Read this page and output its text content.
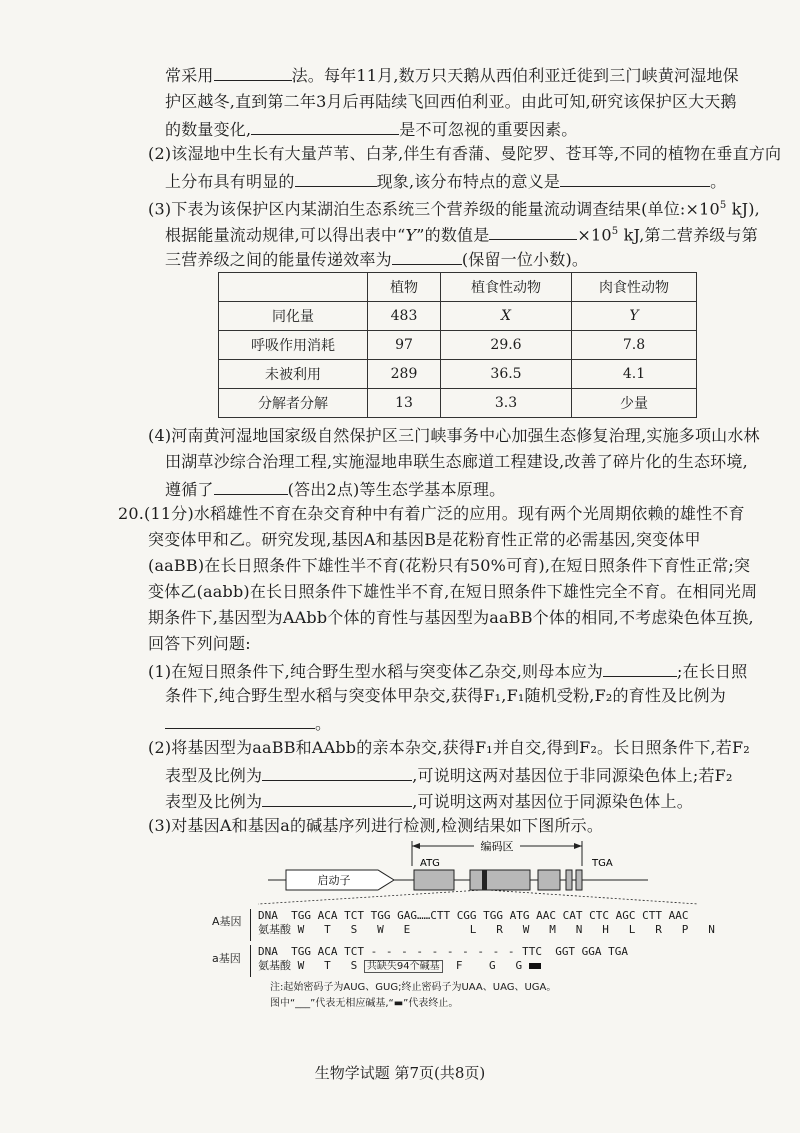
常采用	法。每年11月,数万只天鹅从西伯利亚迁徙到三门峡黄河湿地保
护区越冬,直到第二年3月后再陆续飞回西伯利亚。由此可知,研究该保护区大天鹅
的数量变化,	是不可忽视的重要因素。
(2)该湿地中生长有大量芦苇、白茅,伴生有香蒲、曼陀罗、苍耳等,不同的植物在垂直方向
上分布具有明显的	现象,该分布特点的意义是	。
(3)下表为该保护区内某湖泊生态系统三个营养级的能量流动调查结果(单位$:\times 10^5$ kJ),
根据能量流动规律,可以得出表中“Y”的数值是	$\times 10^5$ kJ,第二营养级与第
三营养级之间的能量传递效率为	(保留一位小数)。
	植物	植食性动物	肉食性动物
同化量	483	X	Y
呼吸作用消耗	97	29.6	7.8
未被利用	289	36.5	4.1
分解者分解	13	3.3	少量
(4)河南黄河湿地国家级自然保护区三门峡事务中心加强生态修复治理,实施多项山水林
田湖草沙综合治理工程,实施湿地串联生态廊道工程建设,改善了碎片化的生态环境,
遵循了	(答出2点)等生态学基本原理。
20.(11分)水稻雄性不育在杂交育种中有着广泛的应用。现有两个光周期依赖的雄性不育
突变体甲和乙。研究发现,基因A和基因B是花粉育性正常的必需基因,突变体甲
(aaBB)在长日照条件下雄性半不育(花粉只有50%可育),在短日照条件下育性正常;突
变体乙(aabb)在长日照条件下雄性半不育,在短日照条件下雄性完全不育。在相同光周
期条件下,基因型为AAbb个体的育性与基因型为aaBB个体的相同,不考虑染色体互换,
回答下列问题:
(1)在短日照条件下,纯合野生型水稻与突变体乙杂交,则母本应为	;在长日照
条件下,纯合野生型水稻与突变体甲杂交,获得F₁,F₁随机受粉,F₂的育性及比例为
。
(2)将基因型为aaBB和AAbb的亲本杂交,获得F₁并自交,得到F₂。长日照条件下,若F₂
表型及比例为	,可说明这两对基因位于非同源染色体上;若F₂
表型及比例为	,可说明这两对基因位于同源染色体上。
(3)对基因A和基因a的碱基序列进行检测,检测结果如下图所示。
编码区
ATG	TGA
启动子
A基因 DNA TGG ACA TCT TGG GAG……CTT CGG TGG ATG AAC CAT CTC AGC CTT AAC
氨基酸 W   T   S   W   E         L   R   W   M   N   H   L   R   P   N
a基因
DNA TGG ACA TCT - - - - - - - - - - TTC  GGT GGA TGA
氨基酸 W   T   S 共缺失94个碱基  F    G   G
注:起始密码子为AUG、GUG;终止密码子为UAA、UAG、UGA。
图中“___”代表无相应碱基,“▬”代表终止。
生物学试题 第7页(共8页)
